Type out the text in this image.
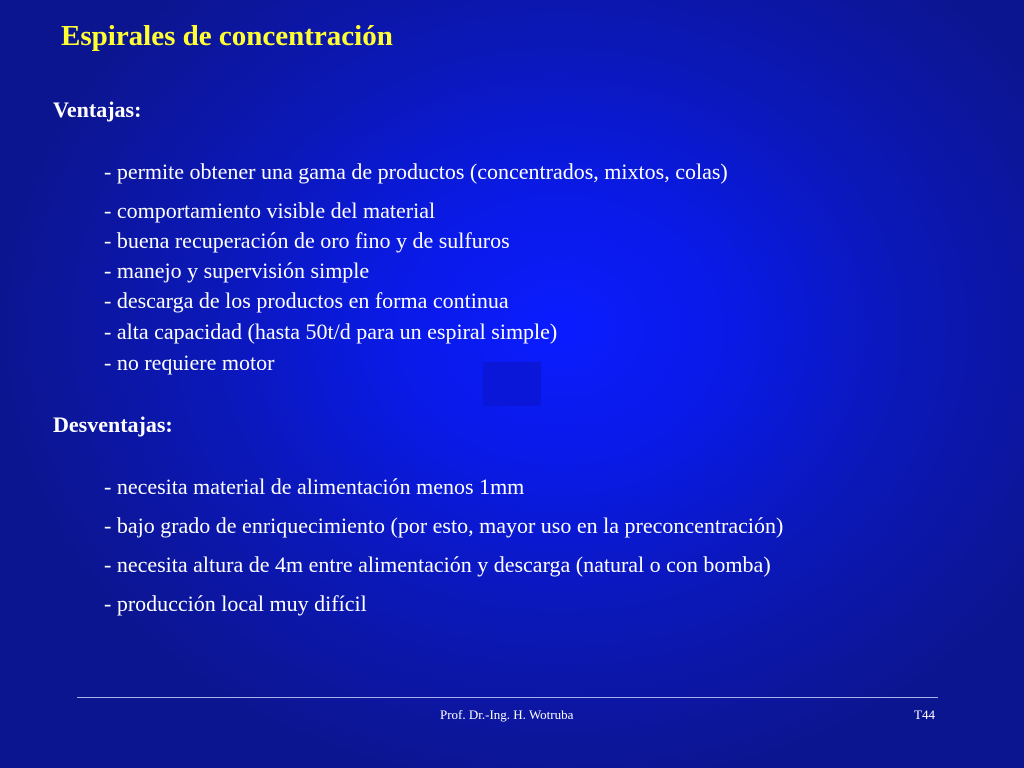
Espirales de concentración
Ventajas:
- permite obtener una gama de productos (concentrados, mixtos, colas)
- comportamiento visible del material
- buena recuperación de oro fino y de sulfuros
- manejo y supervisión simple
- descarga de los productos en forma continua
- alta capacidad (hasta 50t/d para un espiral simple)
- no requiere motor
Desventajas:
- necesita material de alimentación menos 1mm
- bajo grado de enriquecimiento (por esto, mayor uso en la preconcentración)
- necesita altura de 4m entre alimentación y descarga (natural o con bomba)
- producción local muy difícil
Prof. Dr.-Ing. H. Wotruba	T44
